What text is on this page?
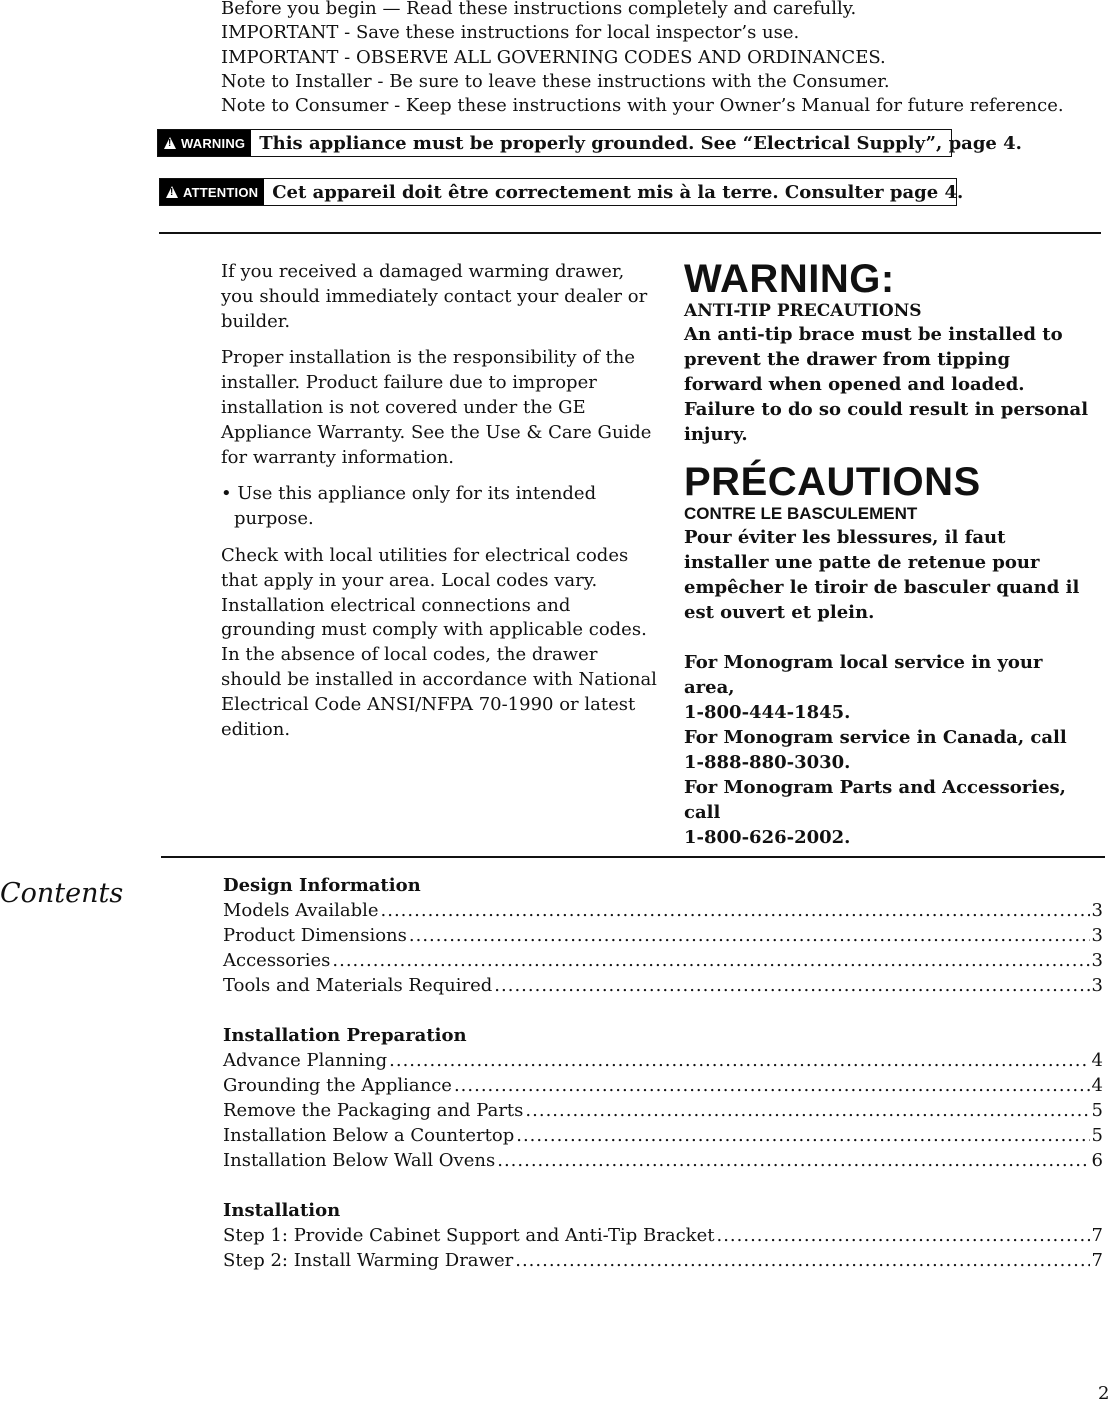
Before you begin — Read these instructions completely and carefully.
IMPORTANT - Save these instructions for local inspector’s use.
IMPORTANT - OBSERVE ALL GOVERNING CODES AND ORDINANCES.
Note to Installer - Be sure to leave these instructions with the Consumer.
Note to Consumer - Keep these instructions with your Owner’s Manual for future reference.
!
WARNING This appliance must be properly grounded. See “Electrical Supply”, page 4.
!
ATTENTION Cet appareil doit être correctement mis à la terre. Consulter page 4.

If you received a damaged warming drawer, you should immediately contact your dealer or builder.

Proper installation is the responsibility of the installer. Product failure due to improper installation is not covered under the GE Appliance Warranty. See the Use & Care Guide for warranty information.

• Use this appliance only for its intended purpose.

Check with local utilities for electrical codes that apply in your area. Local codes vary. Installation electrical connections and grounding must comply with applicable codes. In the absence of local codes, the drawer should be installed in accordance with National Electrical Code ANSI/NFPA 70-1990 or latest edition.

WARNING:
ANTI-TIP PRECAUTIONS
An anti-tip brace must be installed to prevent the drawer from tipping forward when opened and loaded. Failure to do so could result in personal injury.
PRÉCAUTIONS
CONTRE LE BASCULEMENT
Pour éviter les blessures, il faut installer une patte de retenue pour empêcher le tiroir de basculer quand il est ouvert et plein.
For Monogram local service in your area,
1-800-444-1845.
For Monogram service in Canada, call
1-888-880-3030.
For Monogram Parts and Accessories, call
1-800-626-2002.
Contents	Design Information
Models Available .....	3
Product Dimensions .....	3
Accessories .....	3
Tools and Materials Required .....	3
Installation Preparation
Advance Planning .....	4
Grounding the Appliance .....	4
Remove the Packaging and Parts .....	5
Installation Below a Countertop .....	5
Installation Below Wall Ovens .....	6
Installation
Step 1: Provide Cabinet Support and Anti-Tip Bracket .....	7
Step 2: Install Warming Drawer .....	7
2
